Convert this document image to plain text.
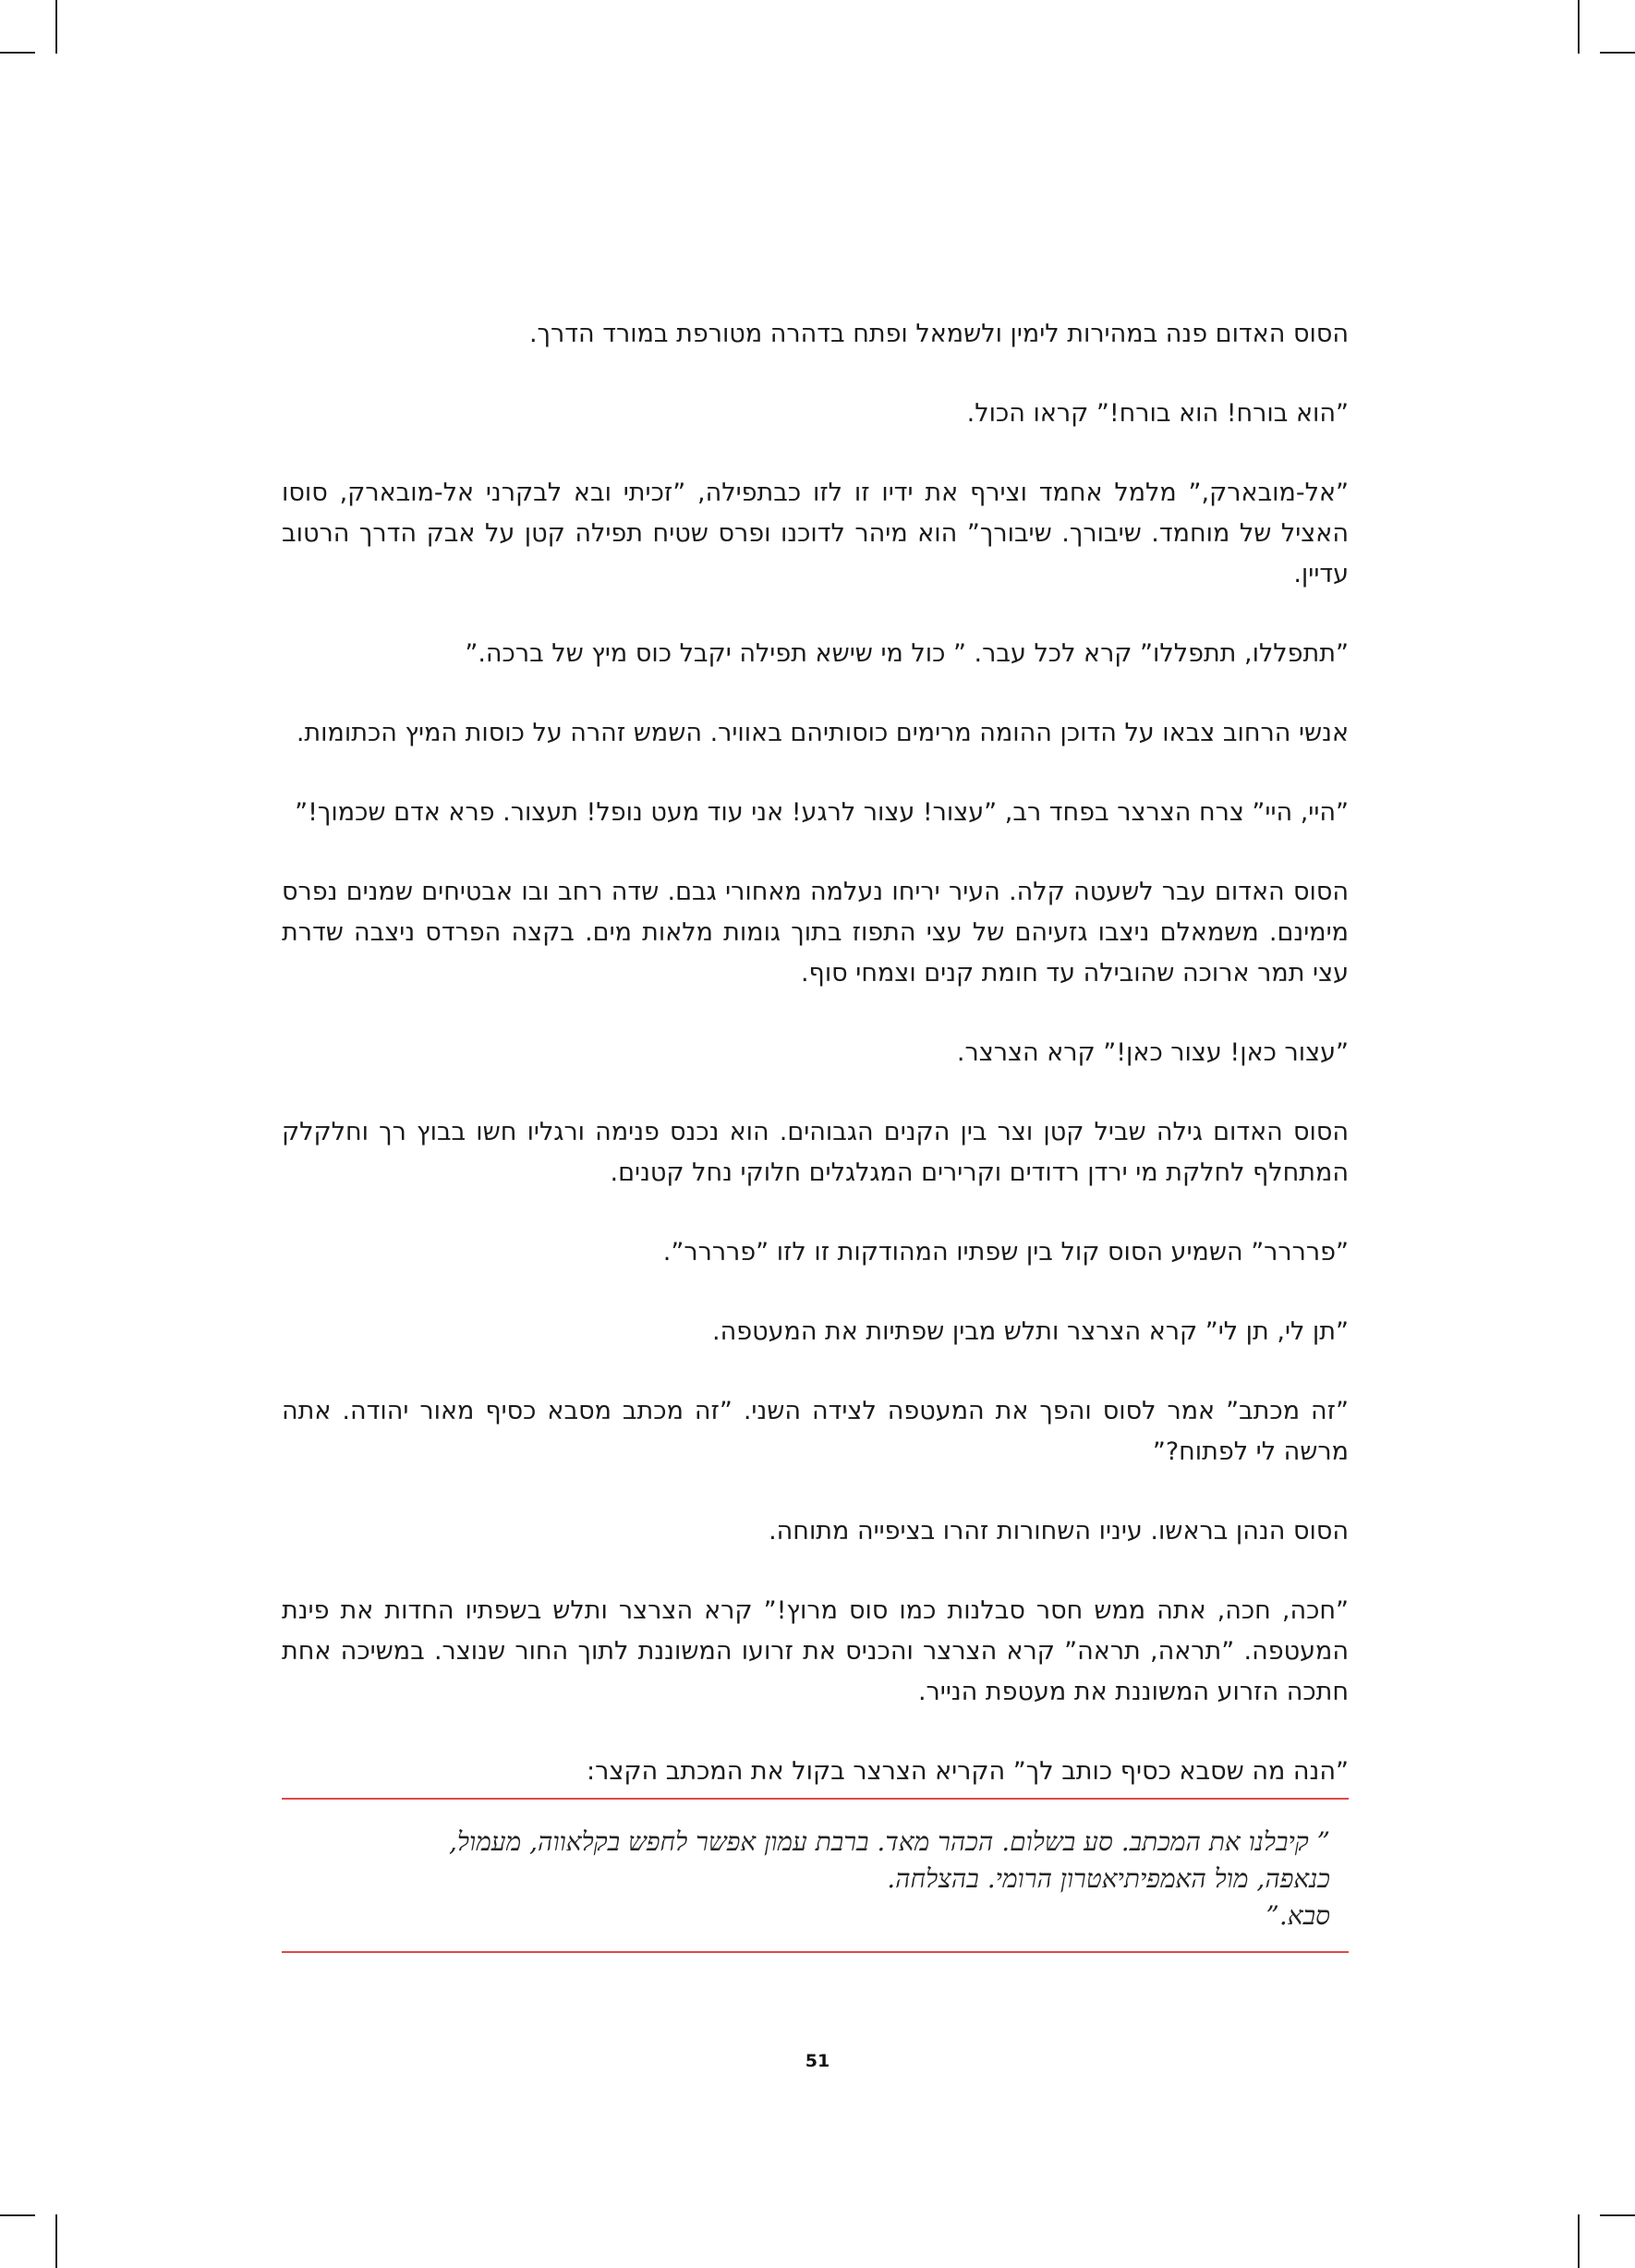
הסוס האדום פנה במהירות לימין ולשמאל ופתח בדהרה מטורפת במורד הדרך.

”הוא בורח! הוא בורח!” קראו הכול.

”אל-מובארק,” מלמל אחמד וצירף את ידיו זו לזו כבתפילה, ”זכיתי ובא לבקרני אל-מובארק, סוסו האציל של מוחמד. שיבורך. שיבורך” הוא מיהר לדוכנו ופרס שטיח תפילה קטן על אבק הדרך הרטוב עדיין.

”תתפללו, תתפללו” קרא לכל עבר. ” כול מי שישא תפילה יקבל כוס מיץ של ברכה.”

אנשי הרחוב צבאו על הדוכן ההומה מרימים כוסותיהם באוויר. השמש זהרה על כוסות המיץ הכתומות.

”היי, היי” צרח הצרצר בפחד רב, ”עצור! עצור לרגע! אני עוד מעט נופל! תעצור. פרא אדם שכמוך!”

הסוס האדום עבר לשעטה קלה. העיר יריחו נעלמה מאחורי גבם. שדה רחב ובו אבטיחים שמנים נפרס מימינם. משמאלם ניצבו גזעיהם של עצי התפוז בתוך גומות מלאות מים. בקצה הפרדס ניצבה שדרת עצי תמר ארוכה שהובילה עד חומת קנים וצמחי סוף.

”עצור כאן! עצור כאן!” קרא הצרצר.

הסוס האדום גילה שביל קטן וצר בין הקנים הגבוהים. הוא נכנס פנימה ורגליו חשו בבוץ רך וחלקלק המתחלף לחלקת מי ירדן רדודים וקרירים המגלגלים חלוקי נחל קטנים.

”פרררר” השמיע הסוס קול בין שפתיו המהודקות זו לזו ”פרררר”.

”תן לי, תן לי” קרא הצרצר ותלש מבין שפתיות את המעטפה.

”זה מכתב” אמר לסוס והפך את המעטפה לצידה השני. ”זה מכתב מסבא כסיף מאור יהודה. אתה מרשה לי לפתוח?”

הסוס הנהן בראשו. עיניו השחורות זהרו בציפייה מתוחה.

”חכה, חכה, אתה ממש חסר סבלנות כמו סוס מרוץ!” קרא הצרצר ותלש בשפתיו החדות את פינת המעטפה. ”תראה, תראה” קרא הצרצר והכניס את זרועו המשוננת לתוך החור שנוצר. במשיכה אחת חתכה הזרוע המשוננת את מעטפת הנייר.

”הנה מה שסבא כסיף כותב לך” הקריא הצרצר בקול את המכתב הקצר:

” קיבלנו את המכתב. סע בשלום. הכהר מאד. ברבת עמון אפשר לחפש בקלאווה, מעמול,
כנאפה, מול האמפיתיאטרון הרומי. בהצלחה.
סבא.”
51
